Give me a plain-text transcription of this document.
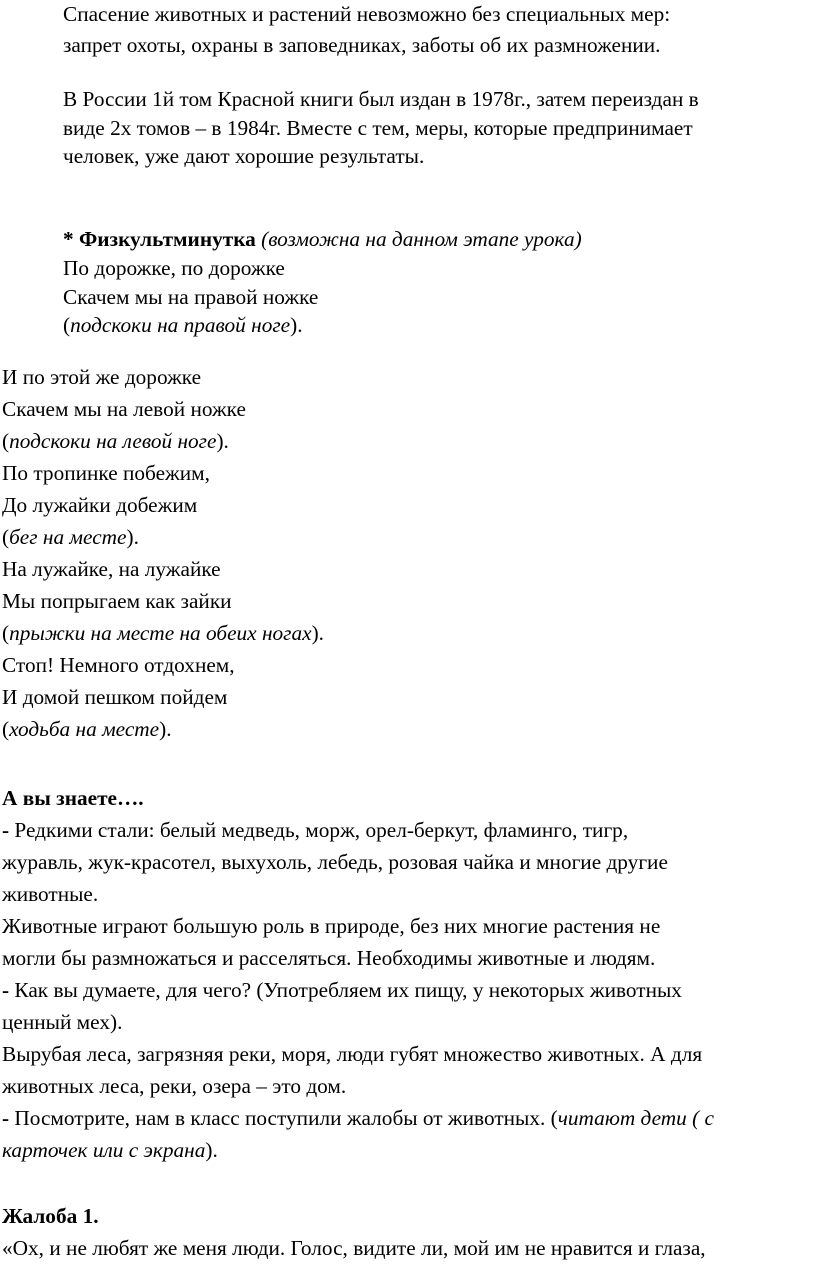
Спасение животных и растений невозможно без специальных мер:
запрет охоты, охраны в заповедниках, заботы об их размножении.
В России 1й том Красной книги был издан в 1978г., затем переиздан в
виде 2х томов – в 1984г. Вместе с тем, меры, которые предпринимает
человек, уже дают хорошие результаты.
* Физкультминутка (возможна на данном этапе урока)
По дорожке, по дорожке
Скачем мы на правой ножке
(подскоки на правой ноге).
И по этой же дорожке
Скачем мы на левой ножке
(подскоки на левой ноге).
По тропинке побежим,
До лужайки добежим
(бег на месте).
На лужайке, на лужайке
Мы попрыгаем как зайки
(прыжки на месте на обеих ногах).
Стоп! Немного отдохнем,
И домой пешком пойдем
(ходьба на месте).
А вы знаете….
- Редкими стали: белый медведь, морж, орел-беркут, фламинго, тигр,
журавль, жук-красотел, выхухоль, лебедь, розовая чайка и многие другие
животные.
Животные играют большую роль в природе, без них многие растения не
могли бы размножаться и расселяться. Необходимы животные и людям.
- Как вы думаете, для чего? (Употребляем их пищу, у некоторых животных
ценный мех).
Вырубая леса, загрязняя реки, моря, люди губят множество животных. А для
животных леса, реки, озера – это дом.
- Посмотрите, нам в класс поступили жалобы от животных. (читают дети ( с
карточек или с экрана).
Жалоба 1.
«Ох, и не любят же меня люди. Голос, видите ли, мой им не нравится и глаза,
